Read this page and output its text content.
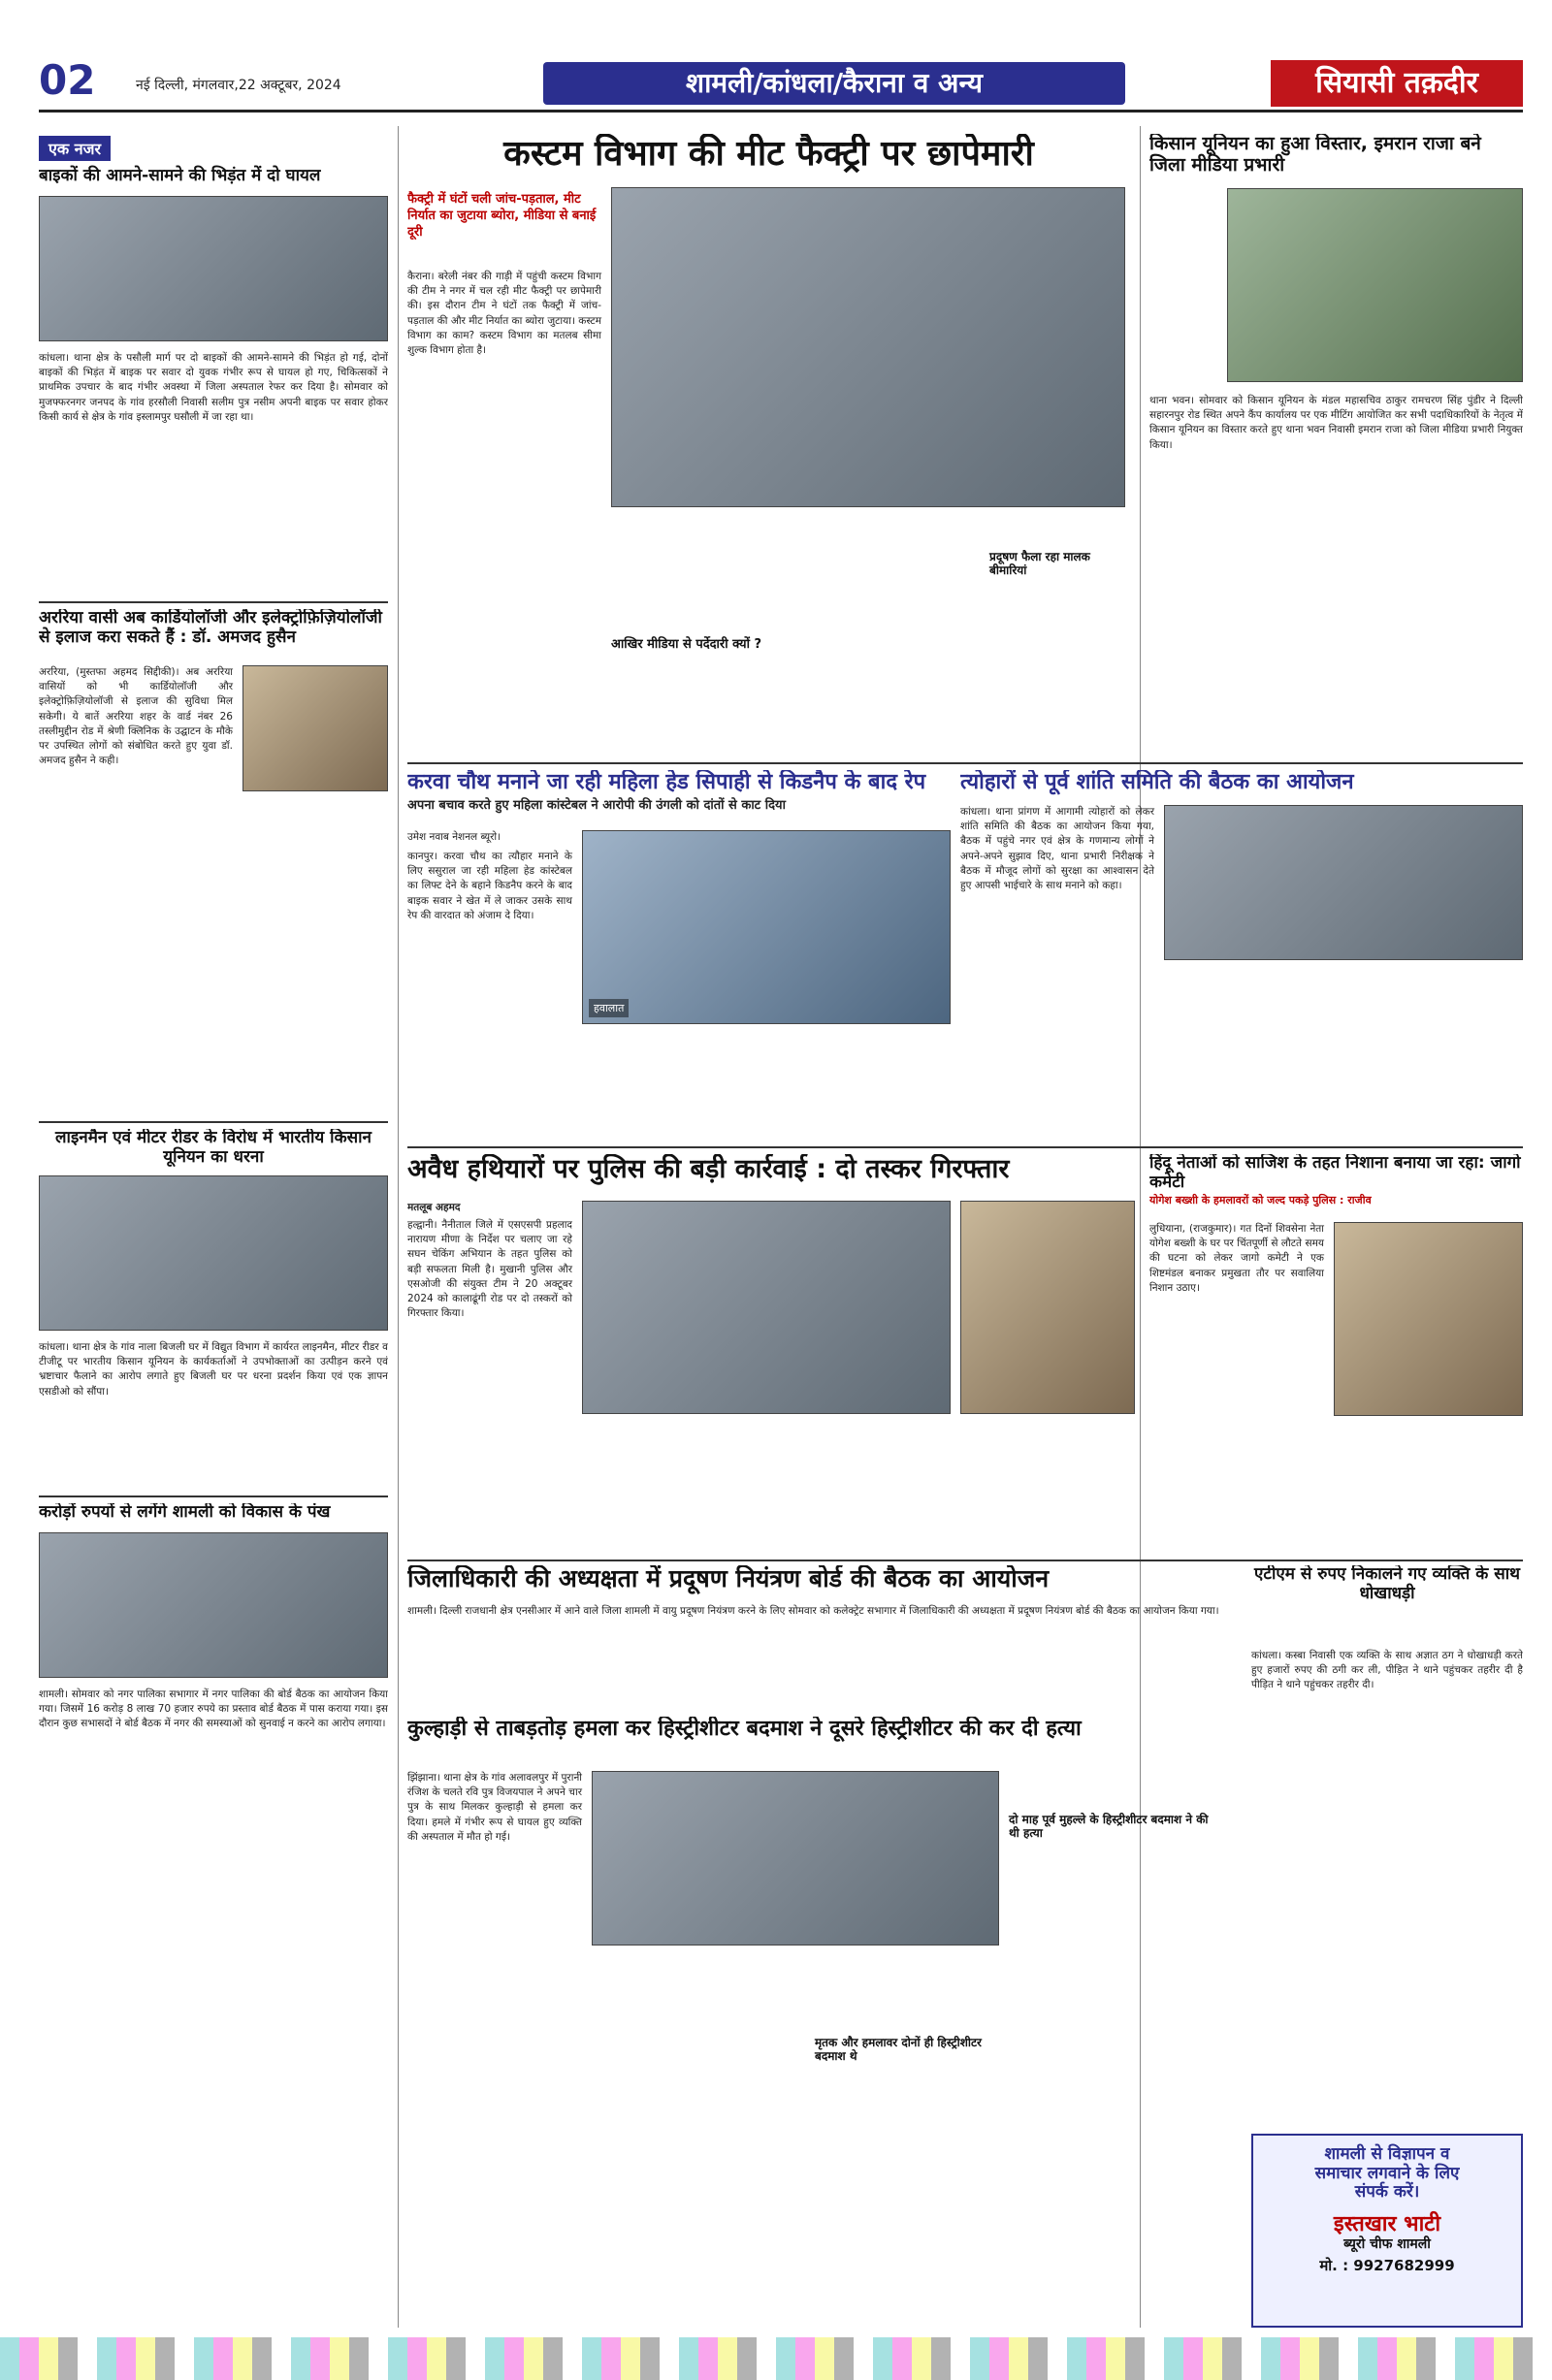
02	नई दिल्ली, मंगलवार,22 अक्टूबर, 2024	शामली/कांधला/कैराना व अन्य	सियासी तक़दीर
एक नजर
बाइकों की आमने-सामने की भिड़ंत में दो घायल
कांधला। थाना क्षेत्र के पसौली मार्ग पर दो बाइकों की आमने-सामने की भिड़ंत हो गई, दोनों बाइकों की भिड़ंत में बाइक पर सवार दो युवक गंभीर रूप से घायल हो गए, चिकित्सकों ने प्राथमिक उपचार के बाद गंभीर अवस्था में जिला अस्पताल रेफर कर दिया है। सोमवार को मुजफ्फरनगर जनपद के गांव हरसौली निवासी सलीम पुत्र नसीम अपनी बाइक पर सवार होकर किसी कार्य से क्षेत्र के गांव इस्लामपुर घसौली में जा रहा था।
अररिया वासी अब कार्डियोलॉजी और इलेक्ट्रोफ़िज़ियोलॉजी से इलाज करा सकते हैं : डॉ. अमजद हुसैन
अररिया, (मुस्तफा अहमद सिद्दीकी)। अब अररिया वासियों को भी कार्डियोलॉजी और इलेक्ट्रोफ़िज़ियोलॉजी से इलाज की सुविधा मिल सकेगी। ये बातें अररिया शहर के वार्ड नंबर 26 तस्लीमुद्दीन रोड में श्रेणी क्लिनिक के उद्घाटन के मौके पर उपस्थित लोगों को संबोधित करते हुए युवा डॉ. अमजद हुसैन ने कही।
लाइनमैन एवं मीटर रीडर के विरोध में भारतीय किसान यूनियन का धरना
कांधला। थाना क्षेत्र के गांव नाला बिजली घर में विद्युत विभाग में कार्यरत लाइनमैन, मीटर रीडर व टीजीटू पर भारतीय किसान यूनियन के कार्यकर्ताओं ने उपभोक्ताओं का उत्पीड़न करने एवं भ्रष्टाचार फैलाने का आरोप लगाते हुए बिजली घर पर धरना प्रदर्शन किया एवं एक ज्ञापन एसडीओ को सौंपा।
करोड़ों रुपयों से लगेंगे शामली को विकास के पंख
शामली। सोमवार को नगर पालिका सभागार में नगर पालिका की बोर्ड बैठक का आयोजन किया गया। जिसमें 16 करोड़ 8 लाख 70 हजार रुपये का प्रस्ताव बोर्ड बैठक में पास कराया गया। इस दौरान कुछ सभासदों ने बोर्ड बैठक में नगर की समस्याओं को सुनवाई न करने का आरोप लगाया।
कस्टम विभाग की मीट फैक्ट्री पर छापेमारी
फैक्ट्री में घंटों चली जांच-पड़ताल, मीट निर्यात का जुटाया ब्योरा, मीडिया से बनाई दूरी
कैराना। बरेली नंबर की गाड़ी में पहुंची कस्टम विभाग की टीम ने नगर में चल रही मीट फैक्ट्री पर छापेमारी की। इस दौरान टीम ने घंटों तक फैक्ट्री में जांच-पड़ताल की और मीट निर्यात का ब्योरा जुटाया। कस्टम विभाग का काम? कस्टम विभाग का मतलब सीमा शुल्क विभाग होता है।
आखिर मीडिया से पर्देदारी क्यों ?
प्रदूषण फैला रहा मालक बीमारियां
किसान यूनियन का हुआ विस्तार, इमरान राजा बने जिला मीडिया प्रभारी
थाना भवन। सोमवार को किसान यूनियन के मंडल महासचिव ठाकुर रामचरण सिंह पुंडीर ने दिल्ली सहारनपुर रोड स्थित अपने कैंप कार्यालय पर एक मीटिंग आयोजित कर सभी पदाधिकारियों के नेतृत्व में किसान यूनियन का विस्तार करते हुए थाना भवन निवासी इमरान राजा को जिला मीडिया प्रभारी नियुक्त किया।
करवा चौथ मनाने जा रही महिला हेड सिपाही से किडनैप के बाद रेप
अपना बचाव करते हुए महिला कांस्टेबल ने आरोपी की उंगली को दांतों से काट दिया
उमेश नवाब नेशनल ब्यूरो।
कानपुर। करवा चौथ का त्यौहार मनाने के लिए ससुराल जा रही महिला हेड कांस्टेबल का लिफ्ट देने के बहाने किडनैप करने के बाद बाइक सवार ने खेत में ले जाकर उसके साथ रेप की वारदात को अंजाम दे दिया।
हवालात
त्योहारों से पूर्व शांति समिति की बैठक का आयोजन
कांधला। थाना प्रांगण में आगामी त्योहारों को लेकर शांति समिति की बैठक का आयोजन किया गया, बैठक में पहुंचे नगर एवं क्षेत्र के गणमान्य लोगों ने अपने-अपने सुझाव दिए, थाना प्रभारी निरीक्षक ने बैठक में मौजूद लोगों को सुरक्षा का आश्वासन देते हुए आपसी भाईचारे के साथ मनाने को कहा।
अवैध हथियारों पर पुलिस की बड़ी कार्रवाई : दो तस्कर गिरफ्तार
मतलूब अहमद
हल्द्वानी। नैनीताल जिले में एसएसपी प्रहलाद नारायण मीणा के निर्देश पर चलाए जा रहे सघन चेकिंग अभियान के तहत पुलिस को बड़ी सफलता मिली है। मुखानी पुलिस और एसओजी की संयुक्त टीम ने 20 अक्टूबर 2024 को कालाढूंगी रोड पर दो तस्करों को गिरफ्तार किया।
हिंदू नेताओं को साजिश के तहत निशाना बनाया जा रहा: जागो कमेटी
योगेश बख्शी के हमलावरों को जल्द पकड़े पुलिस : राजीव
लुधियाना, (राजकुमार)। गत दिनों शिवसेना नेता योगेश बख्शी के घर पर चिंतपूर्णी से लौटते समय की घटना को लेकर जागो कमेटी ने एक शिष्टमंडल बनाकर प्रमुखता तौर पर सवालिया निशान उठाए।
जिलाधिकारी की अध्यक्षता में प्रदूषण नियंत्रण बोर्ड की बैठक का आयोजन
शामली। दिल्ली राजधानी क्षेत्र एनसीआर में आने वाले जिला शामली में वायु प्रदूषण नियंत्रण करने के लिए सोमवार को कलेक्ट्रेट सभागार में जिलाधिकारी की अध्यक्षता में प्रदूषण नियंत्रण बोर्ड की बैठक का आयोजन किया गया।
एटीएम से रुपए निकालने गए व्यक्ति के साथ धोखाधड़ी
कांधला। कस्बा निवासी एक व्यक्ति के साथ अज्ञात ठग ने धोखाधड़ी करते हुए हजारों रुपए की ठगी कर ली, पीड़ित ने थाने पहुंचकर तहरीर दी है पीड़ित ने थाने पहुंचकर तहरीर दी।
कुल्हाड़ी से ताबड़तोड़ हमला कर हिस्ट्रीशीटर बदमाश ने दूसरे हिस्ट्रीशीटर की कर दी हत्या
झिंझाना। थाना क्षेत्र के गांव अलावलपुर में पुरानी रंजिश के चलते रवि पुत्र विजयपाल ने अपने चार पुत्र के साथ मिलकर कुल्हाड़ी से हमला कर दिया। हमले में गंभीर रूप से घायल हुए व्यक्ति की अस्पताल में मौत हो गई।
दो माह पूर्व मुहल्ले के हिस्ट्रीशीटर बदमाश ने की थी हत्या
मृतक और हमलावर दोनों ही हिस्ट्रीशीटर बदमाश थे
शामली से विज्ञापन व
समाचार लगवाने के लिए
संपर्क करें।
इस्तखार भाटी
ब्यूरो चीफ शामली
मो. : 9927682999
